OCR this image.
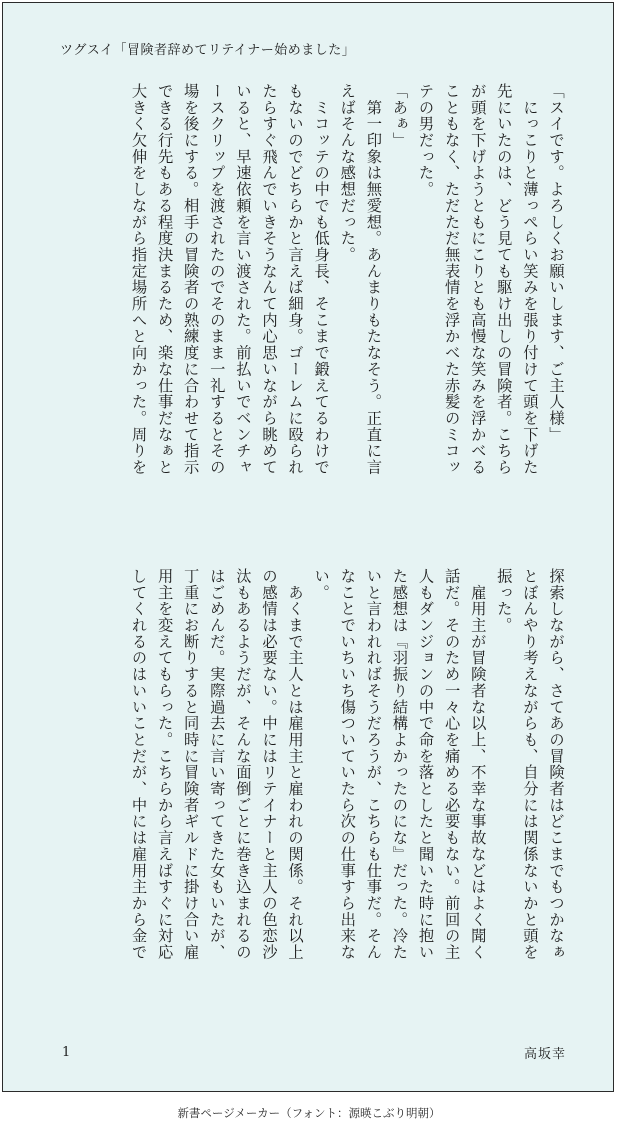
ツグスイ「冒険者辞めてリテイナー始めました」

「スイです。よろしくお願いします、ご主人様」

　にっこりと薄っぺらい笑みを張り付けて頭を下げた

先にいたのは、どう見ても駆け出しの冒険者。こちら

が頭を下げようともにこりとも高慢な笑みを浮かべる

こともなく、ただただ無表情を浮かべた赤髪のミコッ

テの男だった。

「あぁ」

　第一印象は無愛想。あんまりもたなそう。正直に言

えばそんな感想だった。

　ミコッテの中でも低身長、そこまで鍛えてるわけで

もないのでどちらかと言えば細身。ゴーレムに殴られ

たらすぐ飛んでいきそうなんて内心思いながら眺めて

いると、早速依頼を言い渡された。前払いでベンチャ

ースクリップを渡されたのでそのまま一礼するとその

場を後にする。相手の冒険者の熟練度に合わせて指示

できる行先もある程度決まるため、楽な仕事だなぁと

大きく欠伸をしながら指定場所へと向かった。周りを

探索しながら、さてあの冒険者はどこまでもつかなぁ

とぼんやり考えながらも、自分には関係ないかと頭を

振った。

　雇用主が冒険者な以上、不幸な事故などはよく聞く

話だ。そのため一々心を痛める必要もない。前回の主

人もダンジョンの中で命を落としたと聞いた時に抱い

た感想は『羽振り結構よかったのにな』だった。冷た

いと言われればそうだろうが、こちらも仕事だ。そん

なことでいちいち傷ついていたら次の仕事すら出来な

い。

　あくまで主人とは雇用主と雇われの関係。それ以上

の感情は必要ない。中にはリテイナーと主人の色恋沙

汰もあるようだが、そんな面倒ごとに巻き込まれるの

はごめんだ。実際過去に言い寄ってきた女もいたが、

丁重にお断りすると同時に冒険者ギルドに掛け合い雇

用主を変えてもらった。こちらから言えばすぐに対応

してくれるのはいいことだが、中には雇用主から金で

1	高坂幸
新書ページメーカー（フォント：源暎こぶり明朝）
